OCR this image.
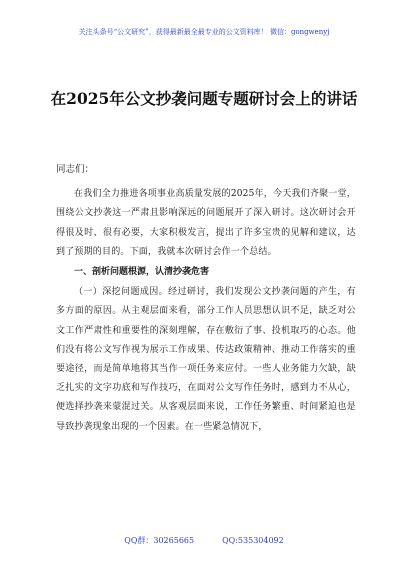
关注头条号“公文研究”，获得最新最全最专业的公文资料库！ 微信：gongwenyj
在2025年公文抄袭问题专题研讨会上的讲话

同志们：

在我们全力推进各项事业高质量发展的2025年，今天我们齐聚一堂，围绕公文抄袭这一严肃且影响深远的问题展开了深入研讨。这次研讨会开得很及时、很有必要，大家积极发言，提出了许多宝贵的见解和建议，达到了预期的目的。下面，我就本次研讨会作一个总结。

一、剖析问题根源，认清抄袭危害

（一）深挖问题成因。经过研讨，我们发现公文抄袭问题的产生，有多方面的原因。从主观层面来看，部分工作人员思想认识不足，缺乏对公文工作严肃性和重要性的深刻理解，存在敷衍了事、投机取巧的心态。他们没有将公文写作视为展示工作成果、传达政策精神、推动工作落实的重要途径，而是简单地将其当作一项任务来应付。一些人业务能力欠缺，缺乏扎实的文字功底和写作技巧，在面对公文写作任务时，感到力不从心，便选择抄袭来蒙混过关。从客观层面来说，工作任务繁重、时间紧迫也是导致抄袭现象出现的一个因素。在一些紧急情况下，

QQ群：30265665	QQ:535304092
